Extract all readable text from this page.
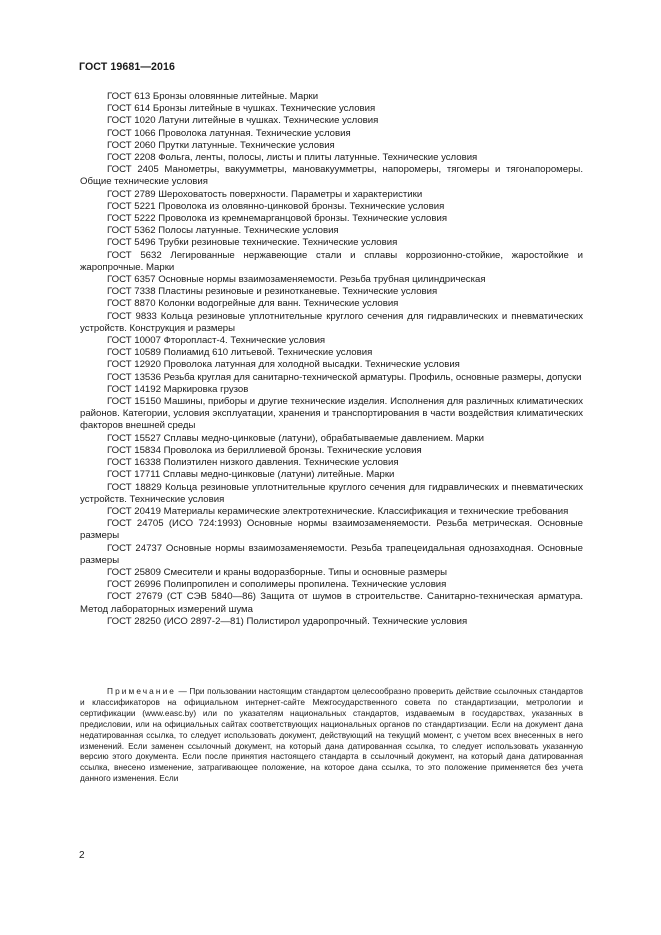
ГОСТ 19681—2016

ГОСТ 613 Бронзы оловянные литейные. Марки

ГОСТ 614 Бронзы литейные в чушках. Технические условия

ГОСТ 1020 Латуни литейные в чушках. Технические условия

ГОСТ 1066 Проволока латунная. Технические условия

ГОСТ 2060 Прутки латунные. Технические условия

ГОСТ 2208 Фольга, ленты, полосы, листы и плиты латунные. Технические условия

ГОСТ 2405 Манометры, вакуумметры, мановакуумметры, напоромеры, тягомеры и тягонапоромеры. Общие технические условия

ГОСТ 2789 Шероховатость поверхности. Параметры и характеристики

ГОСТ 5221 Проволока из оловянно-цинковой бронзы. Технические условия

ГОСТ 5222 Проволока из кремнемарганцовой бронзы. Технические условия

ГОСТ 5362 Полосы латунные. Технические условия

ГОСТ 5496 Трубки резиновые технические. Технические условия

ГОСТ 5632 Легированные нержавеющие стали и сплавы коррозионно-стойкие, жаростойкие и жаропрочные. Марки

ГОСТ 6357 Основные нормы взаимозаменяемости. Резьба трубная цилиндрическая

ГОСТ 7338 Пластины резиновые и резинотканевые. Технические условия

ГОСТ 8870 Колонки водогрейные для ванн. Технические условия

ГОСТ 9833 Кольца резиновые уплотнительные круглого сечения для гидравлических и пневматических устройств. Конструкция и размеры

ГОСТ 10007 Фторопласт-4. Технические условия

ГОСТ 10589 Полиамид 610 литьевой. Технические условия

ГОСТ 12920 Проволока латунная для холодной высадки. Технические условия

ГОСТ 13536 Резьба круглая для санитарно-технической арматуры. Профиль, основные размеры, допуски

ГОСТ 14192 Маркировка грузов

ГОСТ 15150 Машины, приборы и другие технические изделия. Исполнения для различных климатических районов. Категории, условия эксплуатации, хранения и транспортирования в части воздействия климатических факторов внешней среды

ГОСТ 15527 Сплавы медно-цинковые (латуни), обрабатываемые давлением. Марки

ГОСТ 15834 Проволока из бериллиевой бронзы. Технические условия

ГОСТ 16338 Полиэтилен низкого давления. Технические условия

ГОСТ 17711 Сплавы медно-цинковые (латуни) литейные. Марки

ГОСТ 18829 Кольца резиновые уплотнительные круглого сечения для гидравлических и пневматических устройств. Технические условия

ГОСТ 20419 Материалы керамические электротехнические. Классификация и технические требования

ГОСТ 24705 (ИСО 724:1993) Основные нормы взаимозаменяемости. Резьба метрическая. Основные размеры

ГОСТ 24737 Основные нормы взаимозаменяемости. Резьба трапецеидальная однозаходная. Основные размеры

ГОСТ 25809 Смесители и краны водоразборные. Типы и основные размеры

ГОСТ 26996 Полипропилен и сополимеры пропилена. Технические условия

ГОСТ 27679 (СТ СЭВ 5840—86) Защита от шумов в строительстве. Санитарно-техническая арматура. Метод лабораторных измерений шума

ГОСТ 28250 (ИСО 2897-2—81) Полистирол ударопрочный. Технические условия

Примечание — При пользовании настоящим стандартом целесообразно проверить действие ссылочных стандартов и классификаторов на официальном интернет-сайте Межгосударственного совета по стандартизации, метрологии и сертификации (www.easc.by) или по указателям национальных стандартов, издаваемым в государствах, указанных в предисловии, или на официальных сайтах соответствующих национальных органов по стандартизации. Если на документ дана недатированная ссылка, то следует использовать документ, действующий на текущий момент, с учетом всех внесенных в него изменений. Если заменен ссылочный документ, на который дана датированная ссылка, то следует использовать указанную версию этого документа. Если после принятия настоящего стандарта в ссылочный документ, на который дана датированная ссылка, внесено изменение, затрагивающее положение, на которое дана ссылка, то это положение применяется без учета данного изменения. Если

2
